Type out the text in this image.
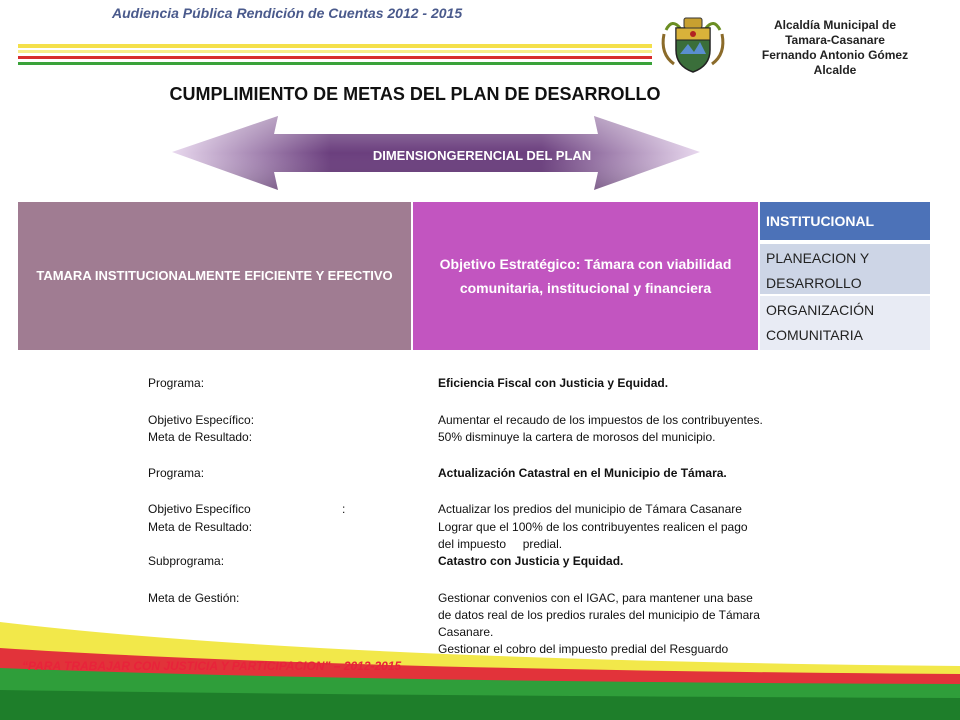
Audiencia Pública Rendición de Cuentas 2012 - 2015
Alcaldía Municipal de
Tamara-Casanare
Fernando Antonio Gómez
Alcalde
CUMPLIMIENTO DE METAS DEL PLAN DE DESARROLLO
DIMENSIONGERENCIAL DEL PLAN
TAMARA INSTITUCIONALMENTE EFICIENTE Y EFECTIVO
Objetivo Estratégico: Támara con viabilidad comunitaria, institucional y financiera
INSTITUCIONAL
PLANEACION Y DESARROLLO
ORGANIZACIÓN COMUNITARIA
Programa:	Eficiencia Fiscal con Justicia y Equidad.
Objetivo Específico:	Aumentar el recaudo de los impuestos de los contribuyentes.
Meta de Resultado:	50% disminuye la cartera de morosos del municipio.
Programa:	Actualización Catastral en el Municipio de Támara.
Objetivo Específico	:	Actualizar los predios del municipio de Támara Casanare
Meta de Resultado:	Lograr que el 100% de los contribuyentes realicen el pago
del impuesto     predial.
Subprograma:	Catastro con Justicia y Equidad.
Meta de Gestión:	Gestionar convenios con el IGAC, para mantener una base
de datos real de los predios rurales del municipio de Támara
Casanare.
Gestionar el cobro del impuesto predial del Resguardo
“PARA TRABAJAR CON JUSTICIA Y PARTICIPACION” – 2012-2015
